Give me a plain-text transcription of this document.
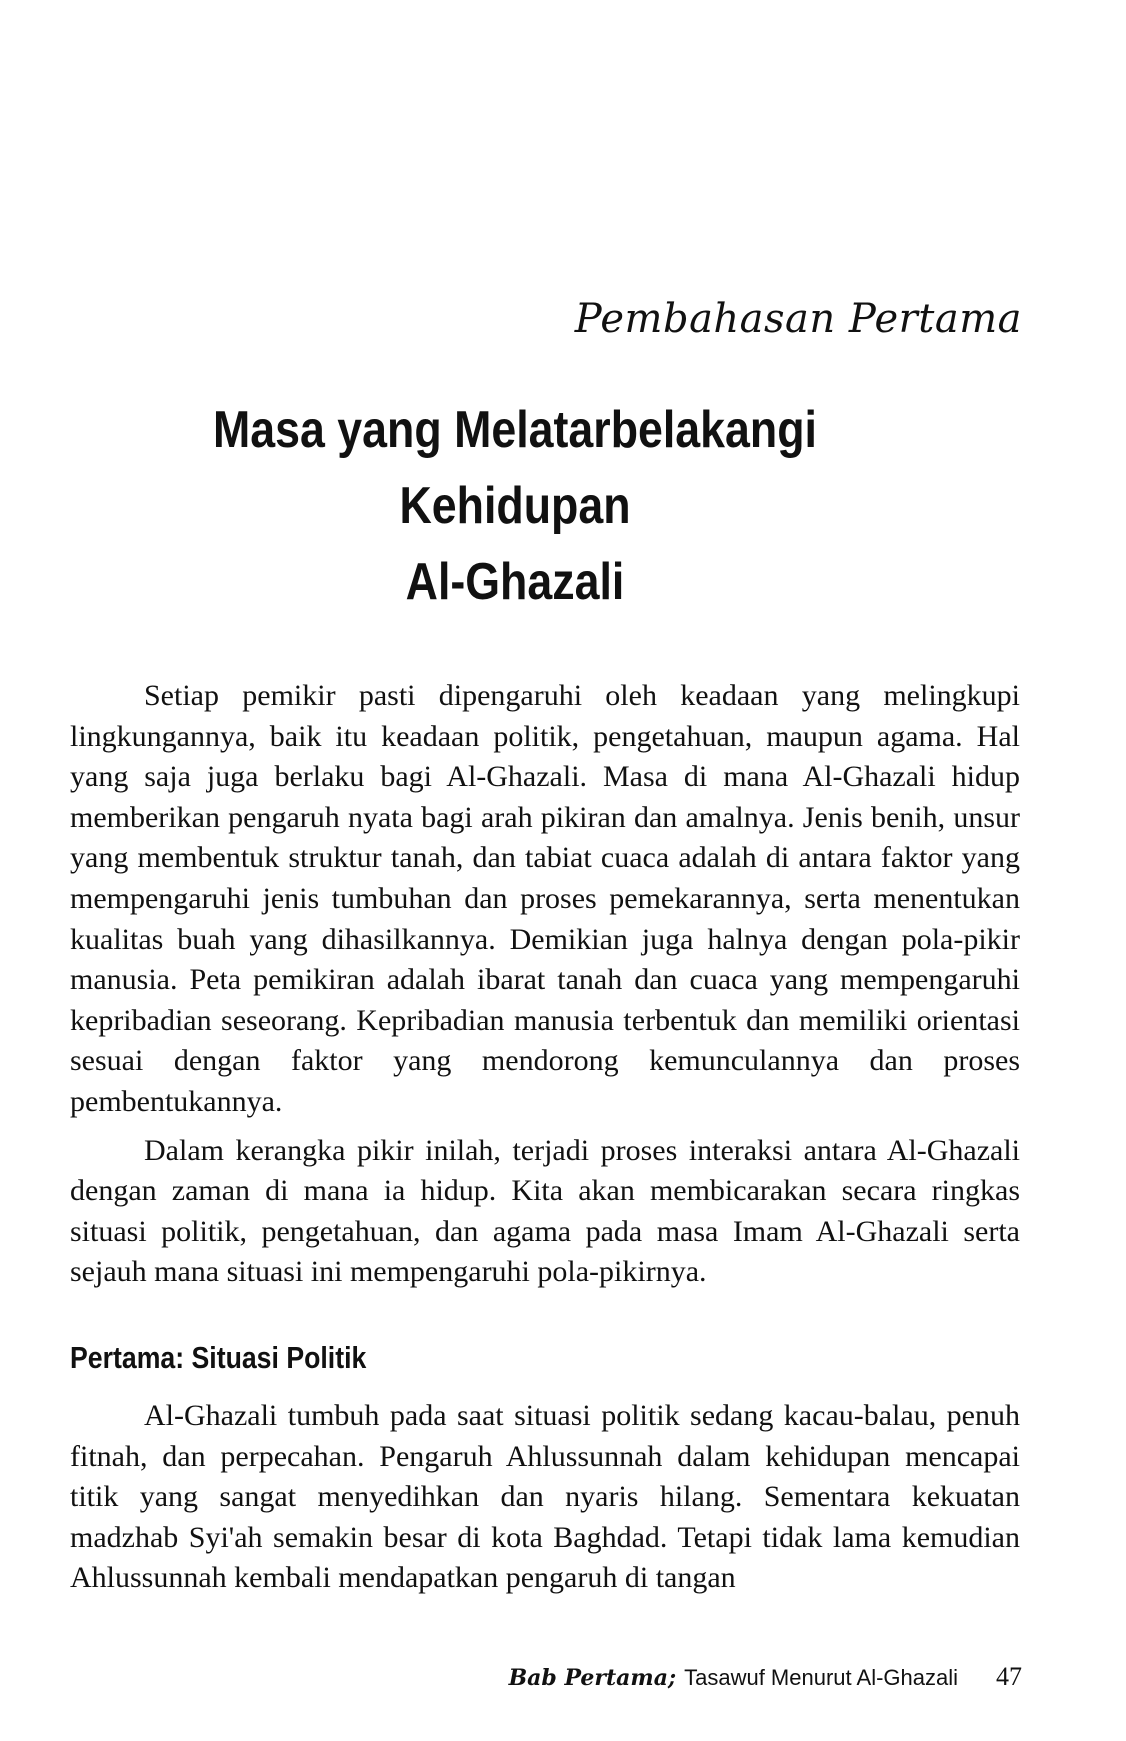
Pembahasan Pertama
Masa yang Melatarbelakangi Kehidupan
Al-Ghazali

Setiap pemikir pasti dipengaruhi oleh keadaan yang melingkupi lingkungannya, baik itu keadaan politik, pengetahuan, maupun agama. Hal yang saja juga berlaku bagi Al-Ghazali. Masa di mana Al-Ghazali hidup memberikan pengaruh nyata bagi arah pikiran dan amalnya. Jenis benih, unsur yang membentuk struktur tanah, dan tabiat cuaca adalah di antara faktor yang mempengaruhi jenis tumbuhan dan proses pemekarannya, serta menentukan kualitas buah yang dihasilkannya. Demikian juga halnya dengan pola-pikir manusia. Peta pemikiran adalah ibarat tanah dan cuaca yang mempengaruhi kepribadian seseorang. Kepribadian manusia terbentuk dan memiliki orientasi sesuai dengan faktor yang mendorong kemunculannya dan proses pembentukannya.

Dalam kerangka pikir inilah, terjadi proses interaksi antara Al-Ghazali dengan zaman di mana ia hidup. Kita akan membicarakan secara ringkas situasi politik, pengetahuan, dan agama pada masa Imam Al-Ghazali serta sejauh mana situasi ini mempengaruhi pola-pikirnya.

Pertama: Situasi Politik

Al-Ghazali tumbuh pada saat situasi politik sedang kacau-balau, penuh fitnah, dan perpecahan. Pengaruh Ahlussunnah dalam kehidupan mencapai titik yang sangat menyedihkan dan nyaris hilang. Sementara kekuatan madzhab Syi'ah semakin besar di kota Baghdad. Tetapi tidak lama kemudian Ahlussunnah kembali mendapatkan pengaruh di tangan

Bab Pertama; Tasawuf Menurut Al-Ghazali 47
